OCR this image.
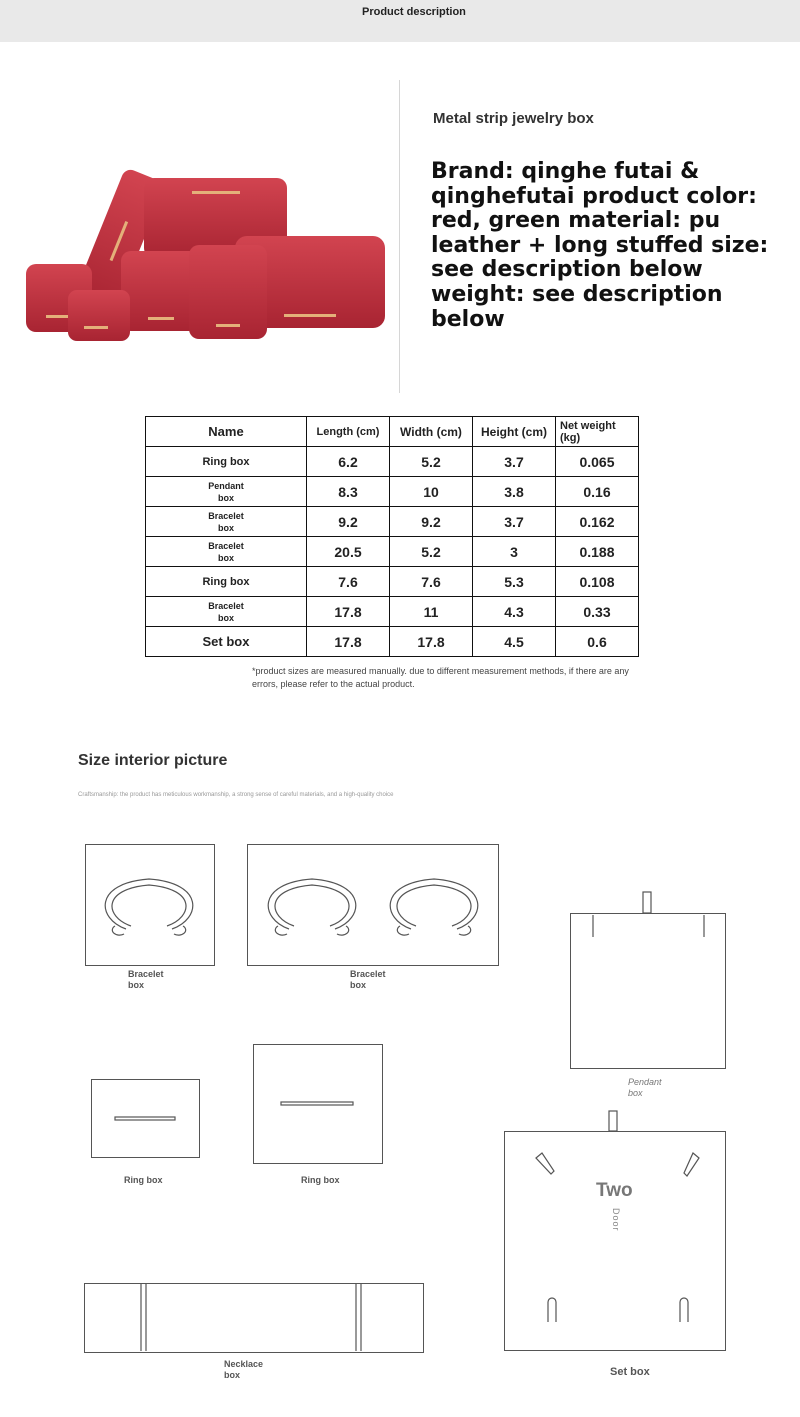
Product description
Metal strip jewelry box
Brand: qinghe futai & qinghefutai product color: red, green material: pu leather + long stuffed size: see description below weight: see description below
Name	Length (cm)	Width (cm)	Height (cm)	Net weight (kg)
Ring box	6.2	5.2	3.7	0.065

Pendant box	8.3	10	3.8	0.16

Bracelet box	9.2	9.2	3.7	0.162

Bracelet box	20.5	5.2	3	0.188
Ring box	7.6	7.6	5.3	0.108

Bracelet box	17.8	11	4.3	0.33
Set box	17.8	17.8	4.5	0.6
*product sizes are measured manually. due to different measurement methods, if there are any errors, please refer to the actual product.
Size interior picture
Craftsmanship: the product has meticulous workmanship, a strong sense of careful materials, and a high-quality choice
Two
Door
Bracelet box
Bracelet box
Pendant box
Ring box	Ring box
Set box
Necklace box
